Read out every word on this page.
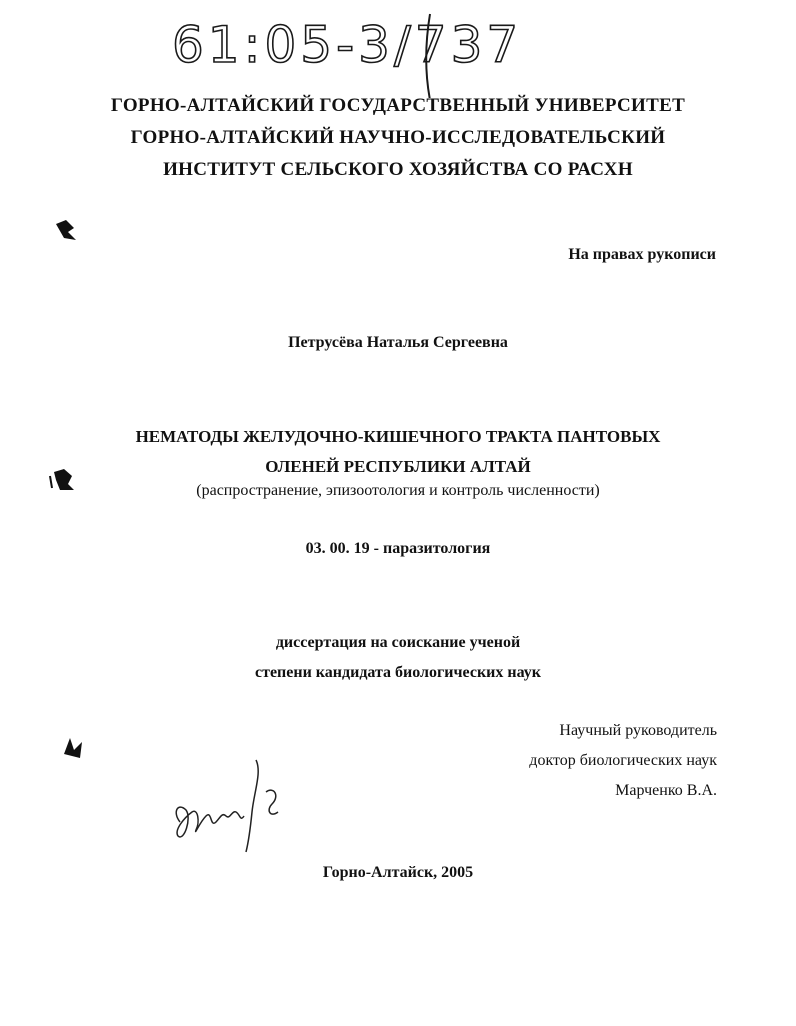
61:05-3/737
ГОРНО-АЛТАЙСКИЙ ГОСУДАРСТВЕННЫЙ УНИВЕРСИТЕТ
ГОРНО-АЛТАЙСКИЙ НАУЧНО-ИССЛЕДОВАТЕЛЬСКИЙ
ИНСТИТУТ СЕЛЬСКОГО ХОЗЯЙСТВА СО РАСХН
На правах рукописи
Петрусёва Наталья Сергеевна
НЕМАТОДЫ ЖЕЛУДОЧНО-КИШЕЧНОГО ТРАКТА ПАНТОВЫХ
ОЛЕНЕЙ РЕСПУБЛИКИ АЛТАЙ
(распространение, эпизоотология и контроль численности)
03. 00. 19 - паразитология
диссертация на соискание ученой
степени кандидата биологических наук
Научный руководитель
доктор биологических наук
Марченко В.А.
Горно-Алтайск, 2005
